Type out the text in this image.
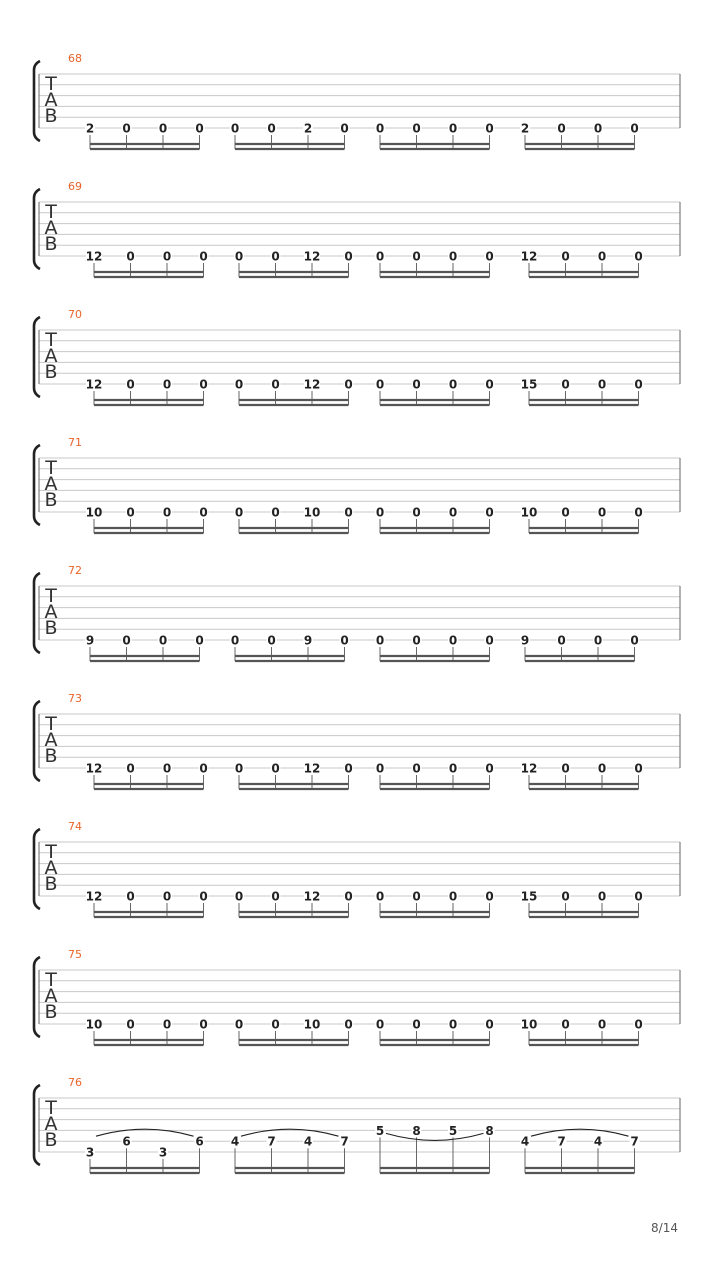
68
T
A
B
2 0 0 0 0 0 2 0 0 0 0 0 2 0 0 0
69
T
A
B
12 0 0 0 0 0 12 0 0 0 0 0 12 0 0 0
70
T
A
B
12 0 0 0 0 0 12 0 0 0 0 0 15 0 0 0
71
T
A
B
10 0 0 0 0 0 10 0 0 0 0 0 10 0 0 0
72
T
A
B
9 0 0 0 0 0 9 0 0 0 0 0 9 0 0 0
73
T
A
B
12 0 0 0 0 0 12 0 0 0 0 0 12 0 0 0
74
T
A
B
12 0 0 0 0 0 12 0 0 0 0 0 15 0 0 0
75
T
A
B
10 0 0 0 0 0 10 0 0 0 0 0 10 0 0 0
76
T
A
B
3
6
3
6 4 7 4 7
5 8 5 8
4 7 4 7
8/14
